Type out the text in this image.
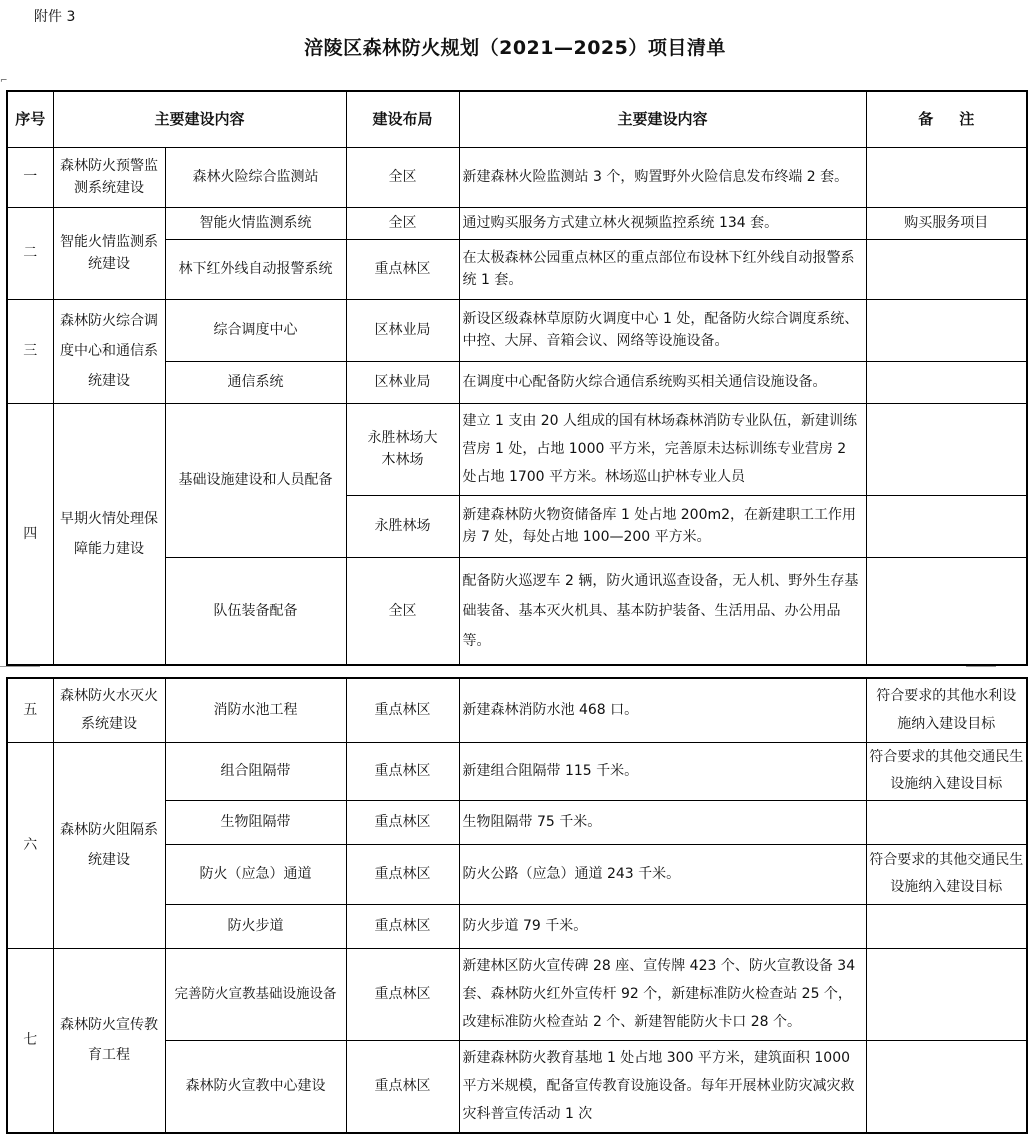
附件 3
涪陵区森林防火规划（2021—2025）项目清单
⌐
序号	主要建设内容		建设布局	主要建设内容	备 注
一	森林防火预警监测系统建设	森林火险综合监测站	全区	新建森林火险监测站 3 个，购置野外火险信息发布终端 2 套。	
二	智能火情监测系统建设	智能火情监测系统	全区	通过购买服务方式建立林火视频监控系统 134 套。	购买服务项目
		林下红外线自动报警系统	重点林区	在太极森林公园重点林区的重点部位布设林下红外线自动报警系统 1 套。	
三	森林防火综合调度中心和通信系统建设	综合调度中心	区林业局	新设区级森林草原防火调度中心 1 处，配备防火综合调度系统、中控、大屏、音箱会议、网络等设施设备。	
		通信系统	区林业局	在调度中心配备防火综合通信系统购买相关通信设施设备。	
四	早期火情处理保障能力建设	基础设施建设和人员配备	永胜林场大木林场	建立 1 支由 20 人组成的国有林场森林消防专业队伍，新建训练营房 1 处，占地 1000 平方米，完善原未达标训练专业营房 2 处占地 1700 平方米。林场巡山护林专业人员	
			永胜林场	新建森林防火物资储备库 1 处占地 200m2，在新建职工工作用房 7 处，每处占地 100—200 平方米。	
		队伍装备配备	全区	配备防火巡逻车 2 辆，防火通讯巡查设备，无人机、野外生存基础装备、基本灭火机具、基本防护装备、生活用品、办公用品等。	
五	森林防火水灭火系统建设	消防水池工程	重点林区	新建森林消防水池 468 口。	符合要求的其他水利设施纳入建设目标
六	森林防火阻隔系统建设	组合阻隔带	重点林区	新建组合阻隔带 115 千米。	符合要求的其他交通民生设施纳入建设目标
		生物阻隔带	重点林区	生物阻隔带 75 千米。	
		防火（应急）通道	重点林区	防火公路（应急）通道 243 千米。	符合要求的其他交通民生设施纳入建设目标
		防火步道	重点林区	防火步道 79 千米。	
七	森林防火宣传教育工程	完善防火宣教基础设施设备	重点林区	新建林区防火宣传碑 28 座、宣传牌 423 个、防火宣教设备 34 套、森林防火红外宣传杆 92 个，新建标准防火检查站 25 个，改建标准防火检查站 2 个、新建智能防火卡口 28 个。	
		森林防火宣教中心建设	重点林区	新建森林防火教育基地 1 处占地 300 平方米，建筑面积 1000 平方米规模，配备宣传教育设施设备。每年开展林业防灾减灾救灾科普宣传活动 1 次	
